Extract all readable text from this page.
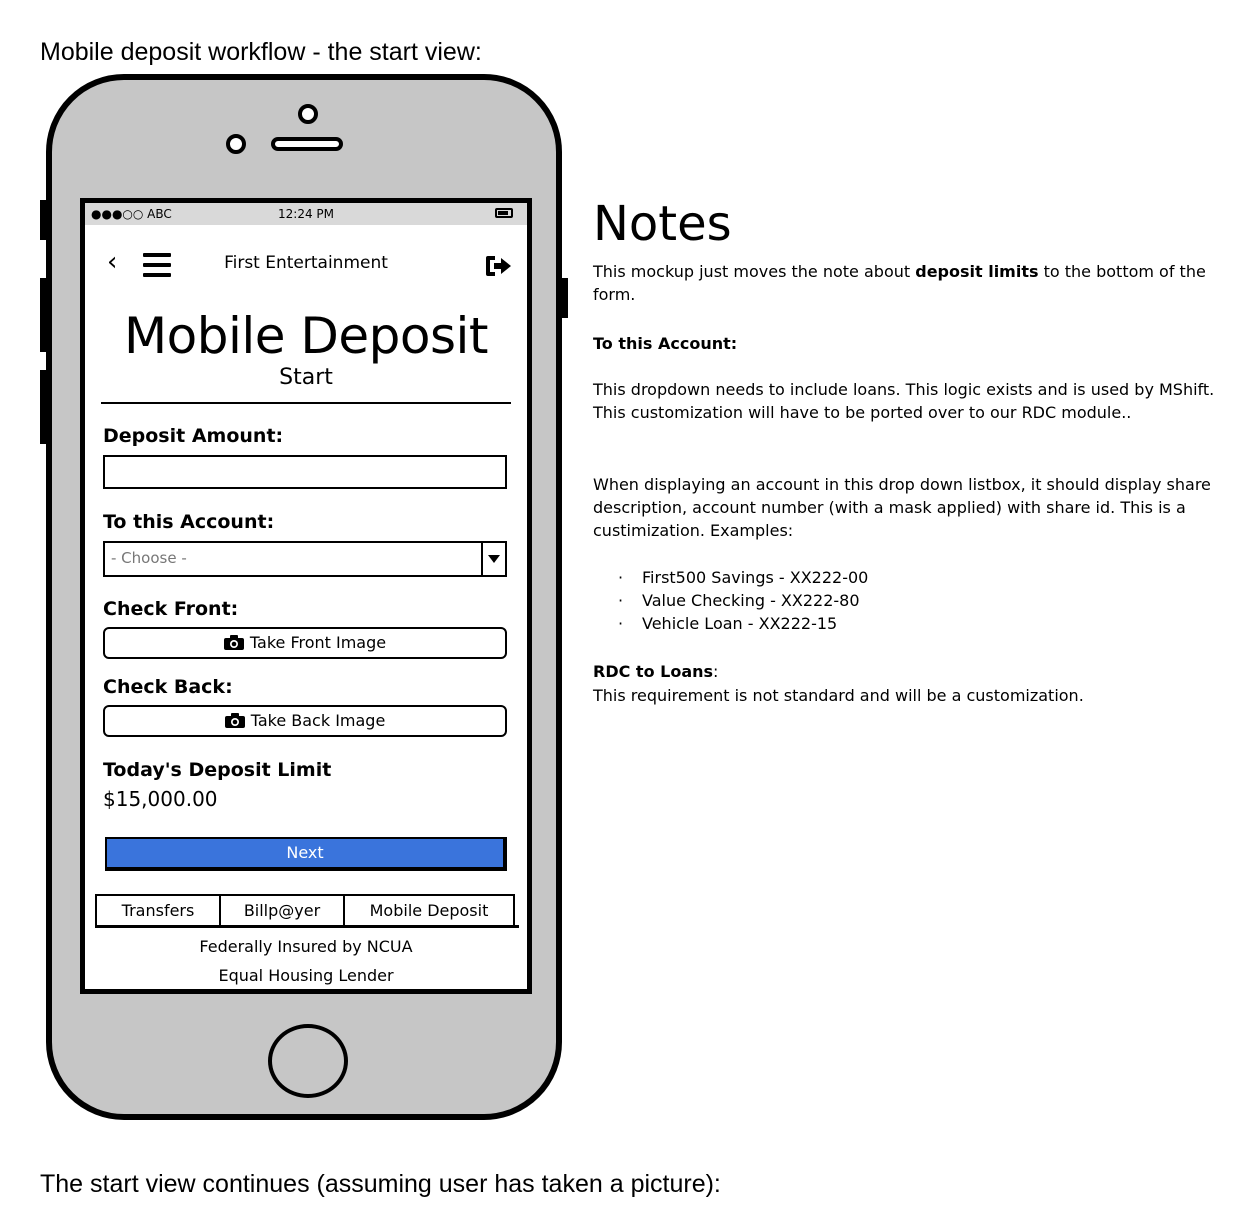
Mobile deposit workflow - the start view:
●●●○○ ABC	12:24 PM
‹	First Entertainment
Mobile Deposit
Start
Deposit Amount:
To this Account:
- Choose -
Check Front:
Take Front Image
Check Back:
Take Back Image
Today's Deposit Limit
$15,000.00
Next
Transfers	Billp@yer	Mobile Deposit
Federally Insured by NCUA
Equal Housing Lender
Notes
This mockup just moves the note about deposit limits to the bottom of the form.
To this Account:
This dropdown needs to include loans. This logic exists and is used by MShift. This customization will have to be ported over to our RDC module..
When displaying an account in this drop down listbox, it should display share description, account number (with a mask applied) with share id. This is a custimization. Examples:
· First500 Savings - XX222-00
· Value Checking - XX222-80
· Vehicle Loan - XX222-15
RDC to Loans:
This requirement is not standard and will be a customization.
The start view continues (assuming user has taken a picture):
